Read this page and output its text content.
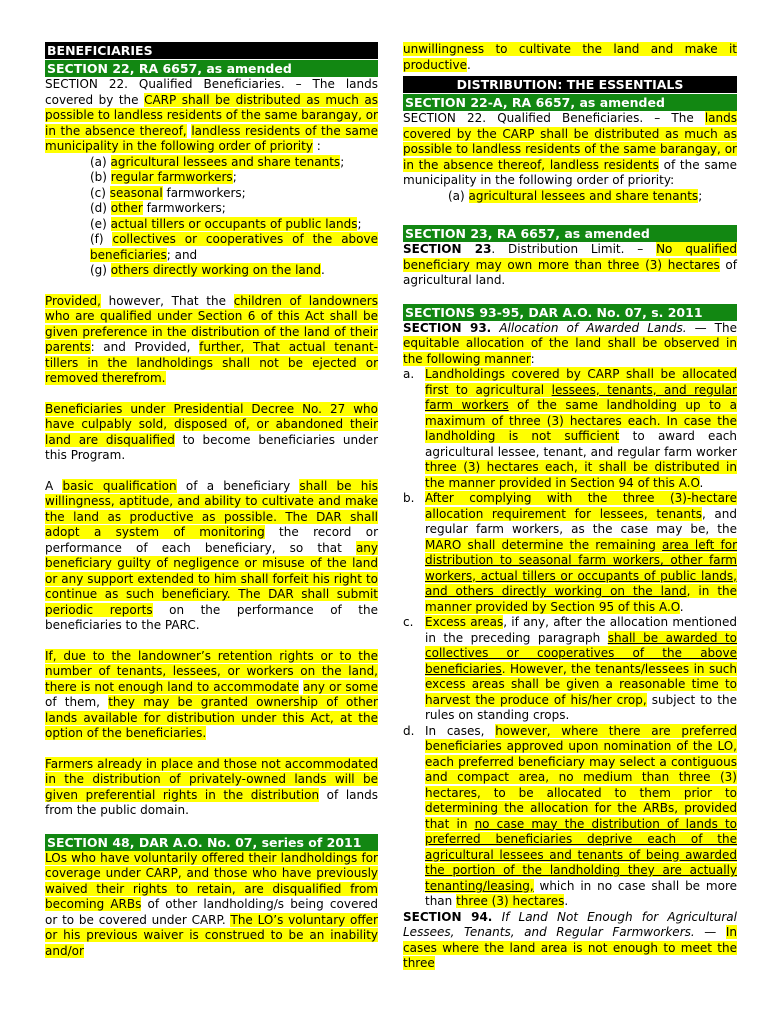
BENEFICIARIES
SECTION 22, RA 6657, as amended

SECTION 22. Qualified Beneficiaries. – The lands covered by the CARP shall be distributed as much as possible to landless residents of the same barangay, or in the absence thereof, landless residents of the same municipality in the following order of priority :

(a) agricultural lessees and share tenants;

(b) regular farmworkers;

(c) seasonal farmworkers;

(d) other farmworkers;

(e) actual tillers or occupants of public lands;

(f) collectives or cooperatives of the above beneficiaries; and

(g) others directly working on the land.

Provided, however, That the children of landowners who are qualified under Section 6 of this Act shall be given preference in the distribution of the land of their parents: and Provided, further, That actual tenant-tillers in the landholdings shall not be ejected or removed therefrom.

Beneficiaries under Presidential Decree No. 27 who have culpably sold, disposed of, or abandoned their land are disqualified to become beneficiaries under this Program.

A basic qualification of a beneficiary shall be his willingness, aptitude, and ability to cultivate and make the land as productive as possible. The DAR shall adopt a system of monitoring the record or performance of each beneficiary, so that any beneficiary guilty of negligence or misuse of the land or any support extended to him shall forfeit his right to continue as such beneficiary. The DAR shall submit periodic reports on the performance of the beneficiaries to the PARC.

If, due to the landowner’s retention rights or to the number of tenants, lessees, or workers on the land, there is not enough land to accommodate any or some of them, they may be granted ownership of other lands available for distribution under this Act, at the option of the beneficiaries.

Farmers already in place and those not accommodated in the distribution of privately-owned lands will be given preferential rights in the distribution of lands from the public domain.

SECTION 48, DAR A.O. No. 07, series of 2011

LOs who have voluntarily offered their landholdings for coverage under CARP, and those who have previously waived their rights to retain, are disqualified from becoming ARBs of other landholding/s being covered or to be covered under CARP. The LO’s voluntary offer or his previous waiver is construed to be an inability and/or

unwillingness to cultivate the land and make it productive.

DISTRIBUTION: THE ESSENTIALS
SECTION 22-A, RA 6657, as amended

SECTION 22. Qualified Beneficiaries. – The lands covered by the CARP shall be distributed as much as possible to landless residents of the same barangay, or in the absence thereof, landless residents of the same municipality in the following order of priority:

(a) agricultural lessees and share tenants;

SECTION 23, RA 6657, as amended

SECTION 23. Distribution Limit. – No qualified beneficiary may own more than three (3) hectares of agricultural land.

SECTIONS 93-95, DAR A.O. No. 07, s. 2011

SECTION 93. Allocation of Awarded Lands. — The equitable allocation of the land shall be observed in the following manner:

a. Landholdings covered by CARP shall be allocated first to agricultural lessees, tenants, and regular farm workers of the same landholding up to a maximum of three (3) hectares each. In case the landholding is not sufficient to award each agricultural lessee, tenant, and regular farm worker three (3) hectares each, it shall be distributed in the manner provided in Section 94 of this A.O.

b. After complying with the three (3)-hectare allocation requirement for lessees, tenants, and regular farm workers, as the case may be, the MARO shall determine the remaining area left for distribution to seasonal farm workers, other farm workers, actual tillers or occupants of public lands, and others directly working on the land, in the manner provided by Section 95 of this A.O.

c. Excess areas, if any, after the allocation mentioned in the preceding paragraph shall be awarded to collectives or cooperatives of the above beneficiaries. However, the tenants/lessees in such excess areas shall be given a reasonable time to harvest the produce of his/her crop, subject to the rules on standing crops.

d. In cases, however, where there are preferred beneficiaries approved upon nomination of the LO, each preferred beneficiary may select a contiguous and compact area, no medium than three (3) hectares, to be allocated to them prior to determining the allocation for the ARBs, provided that in no case may the distribution of lands to preferred beneficiaries deprive each of the agricultural lessees and tenants of being awarded the portion of the landholding they are actually tenanting/leasing, which in no case shall be more than three (3) hectares.

SECTION 94. If Land Not Enough for Agricultural Lessees, Tenants, and Regular Farmworkers. — In cases where the land area is not enough to meet the three
